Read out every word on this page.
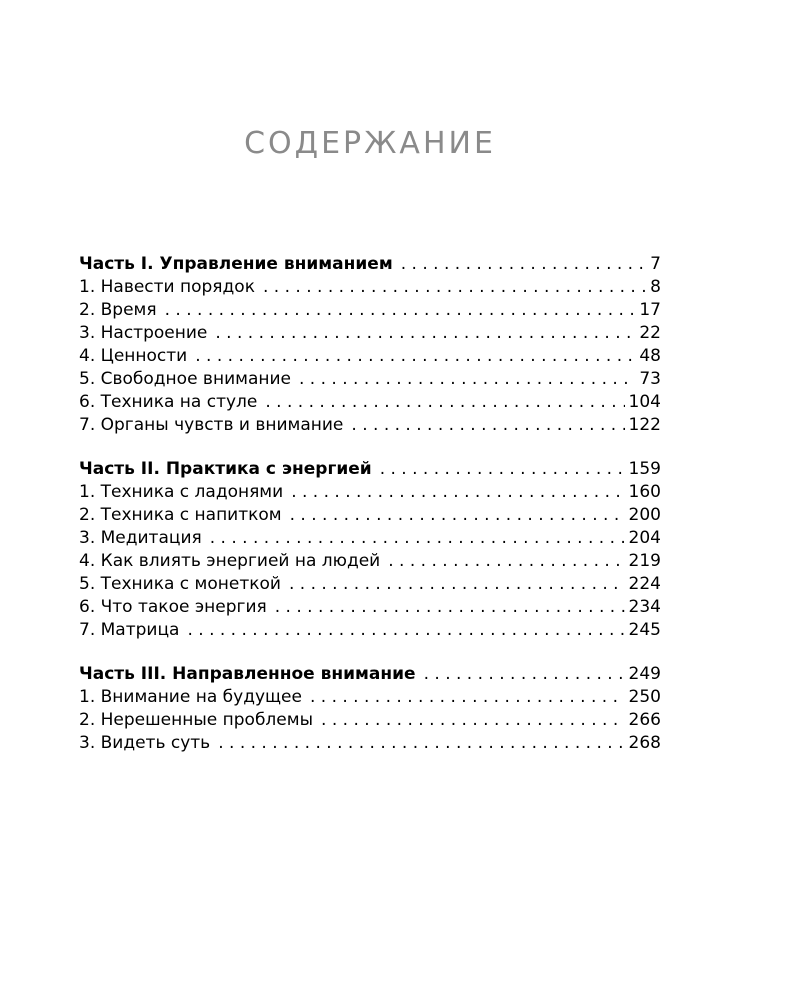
СОДЕРЖАНИЕ
Часть I. Управление вниманием . . .	7
1. Навести порядок . . .	8
2. Время . . .	17
3. Настроение . . .	22
4. Ценности . . .	48
5. Свободное внимание . . .	73
6. Техника на стуле . . .	104
7. Органы чувств и внимание . . .	122
Часть II. Практика с энергией . . .	159
1. Техника с ладонями . . .	160
2. Техника с напитком . . .	200
3. Медитация . . .	204
4. Как влиять энергией на людей . . .	219
5. Техника с монеткой . . .	224
6. Что такое энергия . . .	234
7. Матрица . . .	245
Часть III. Направленное внимание . . .	249
1. Внимание на будущее . . .	250
2. Нерешенные проблемы . . .	266
3. Видеть суть . . .	268
